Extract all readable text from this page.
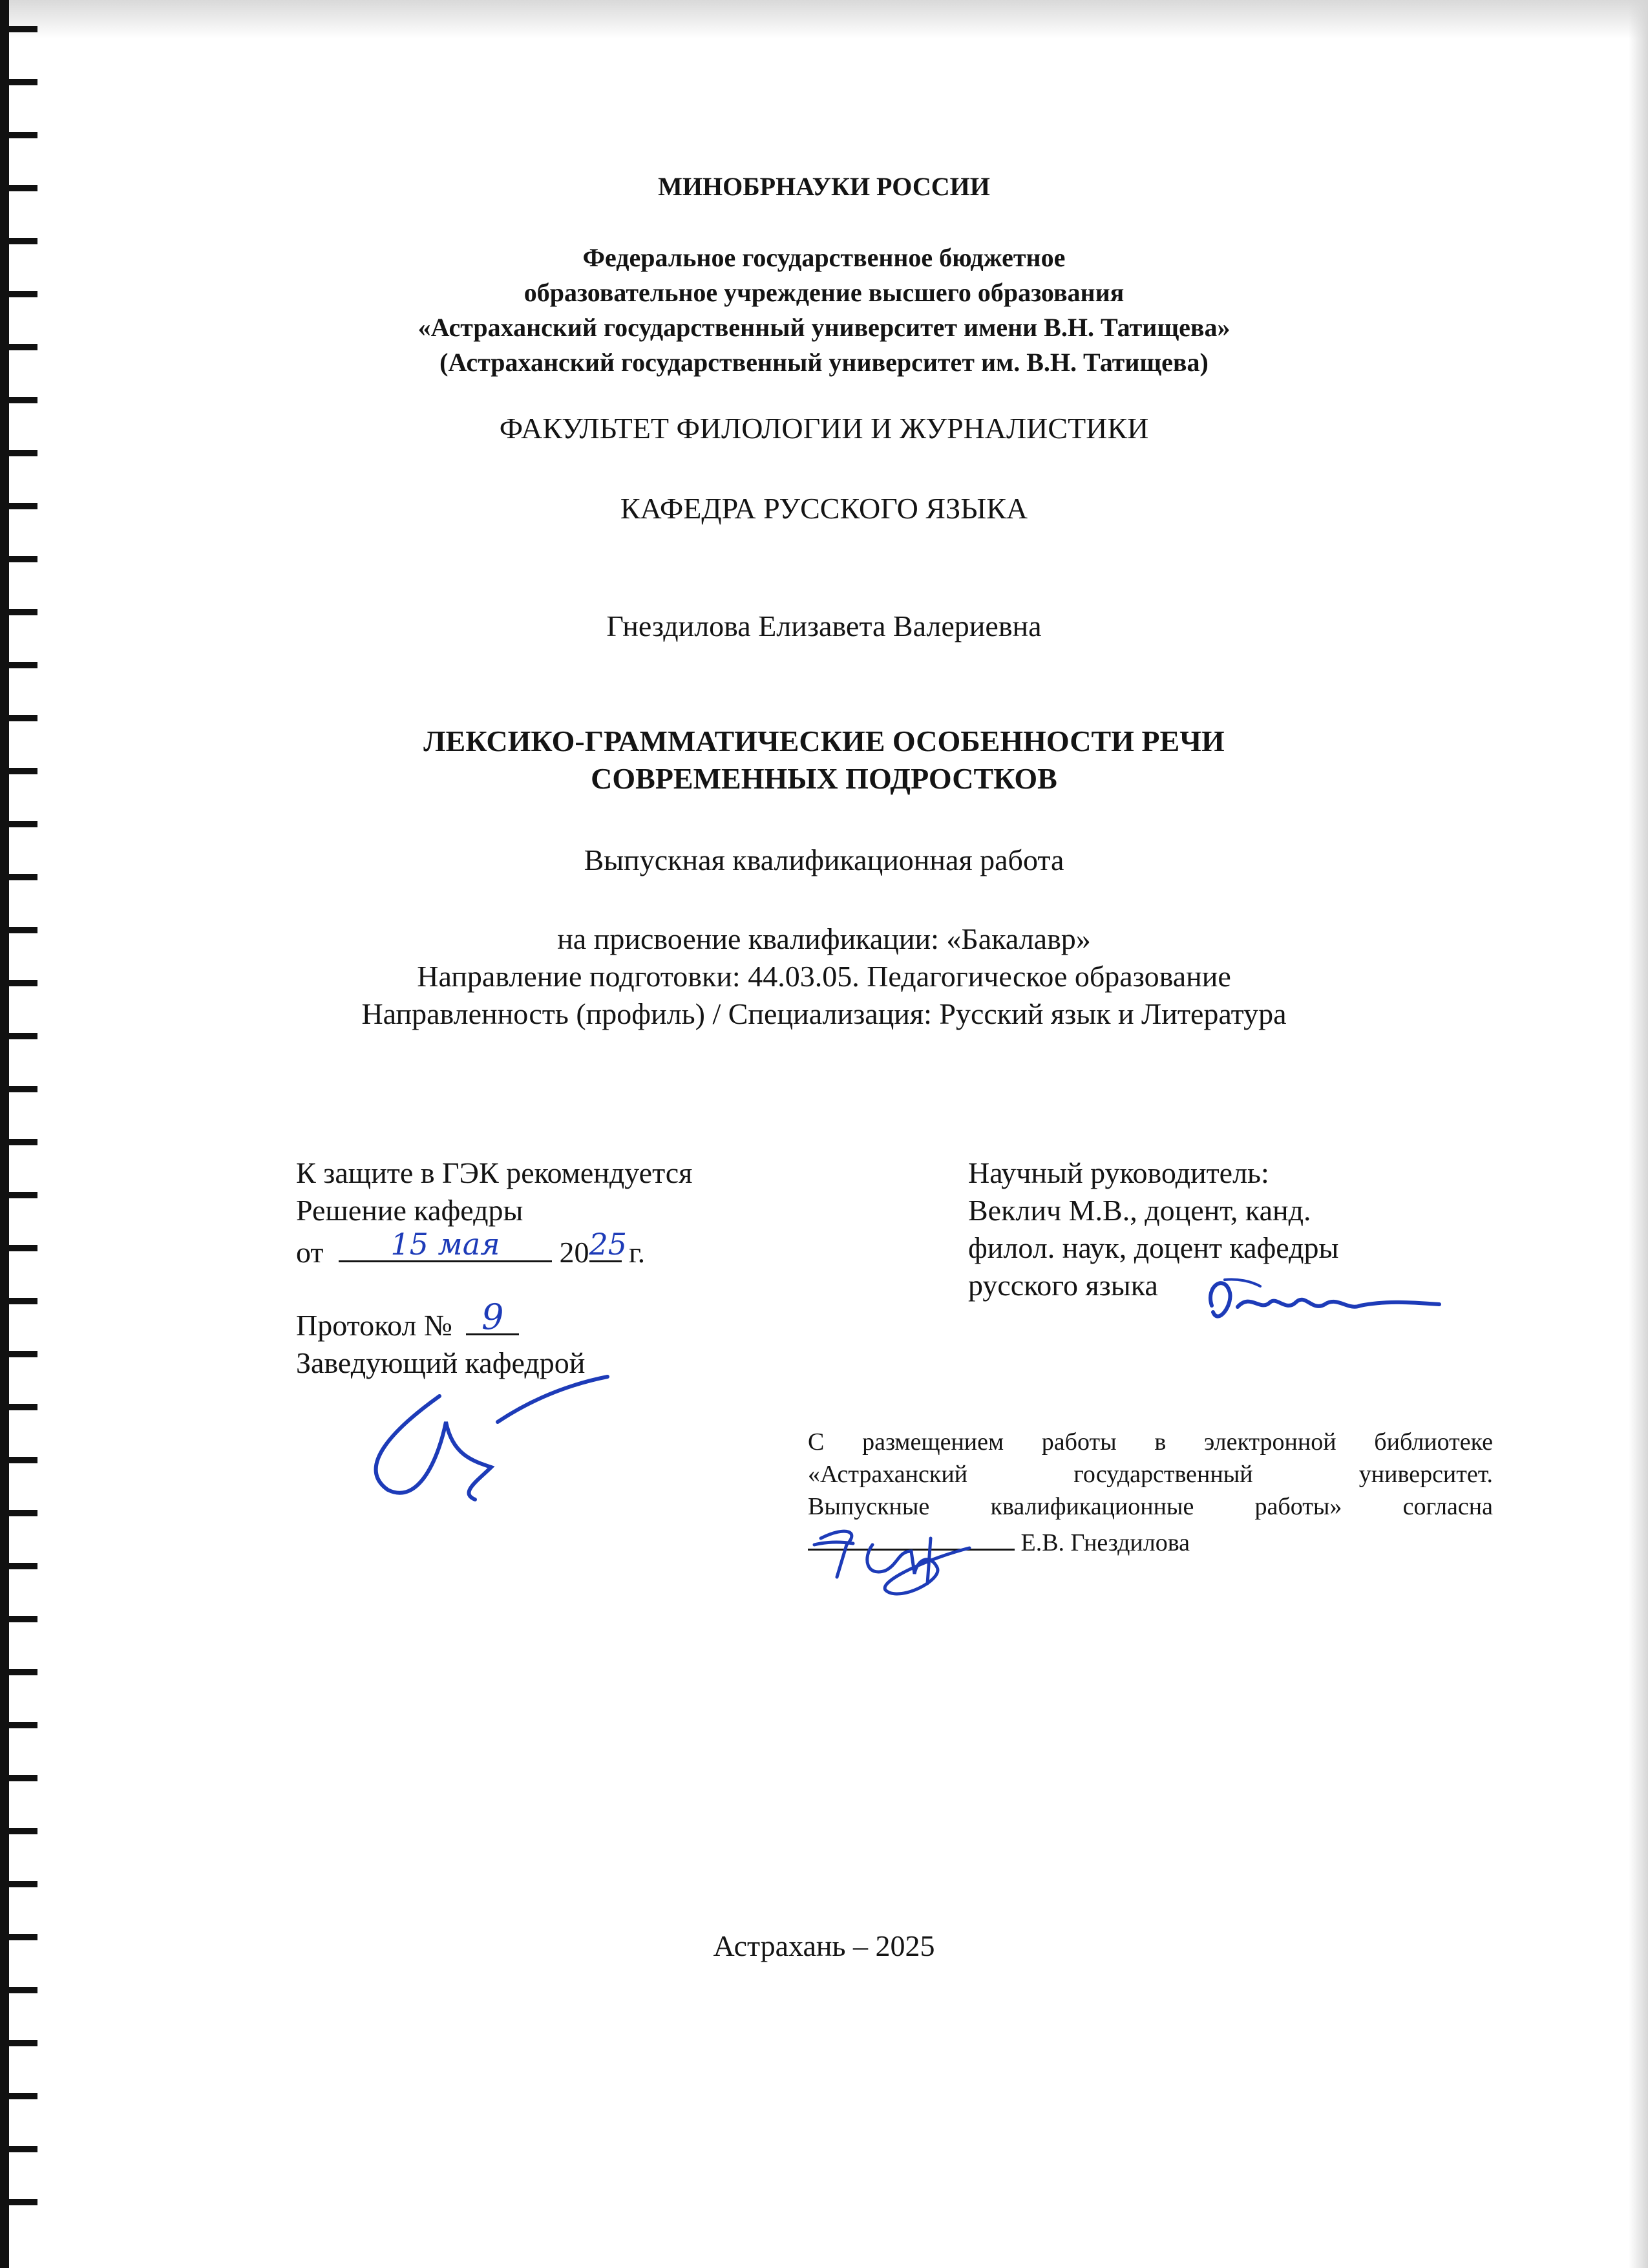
МИНОБРНАУКИ РОССИИ
Федеральное государственное бюджетное
образовательное учреждение высшего образования
«Астраханский государственный университет имени В.Н. Татищева»
(Астраханский государственный университет им. В.Н. Татищева)
ФАКУЛЬТЕТ ФИЛОЛОГИИ И ЖУРНАЛИСТИКИ
КАФЕДРА РУССКОГО ЯЗЫКА
Гнездилова Елизавета Валериевна
ЛЕКСИКО-ГРАММАТИЧЕСКИЕ ОСОБЕННОСТИ РЕЧИ
СОВРЕМЕННЫХ ПОДРОСТКОВ
Выпускная квалификационная работа
на присвоение квалификации: «Бакалавр»
Направление подготовки: 44.03.05. Педагогическое образование
Направленность (профиль) / Специализация: Русский язык и Литература
К защите в ГЭК рекомендуется
Решение кафедры
от	15 мая	20 25 г.
Протокол № 9
Заведующий кафедрой
Научный руководитель:
Веклич М.В., доцент, канд.
филол. наук, доцент кафедры
русского языка
С размещением работы в электронной библиотеке
«Астраханский государственный университет.
Выпускные квалификационные работы» согласна
Е.В. Гнездилова
Астрахань – 2025
